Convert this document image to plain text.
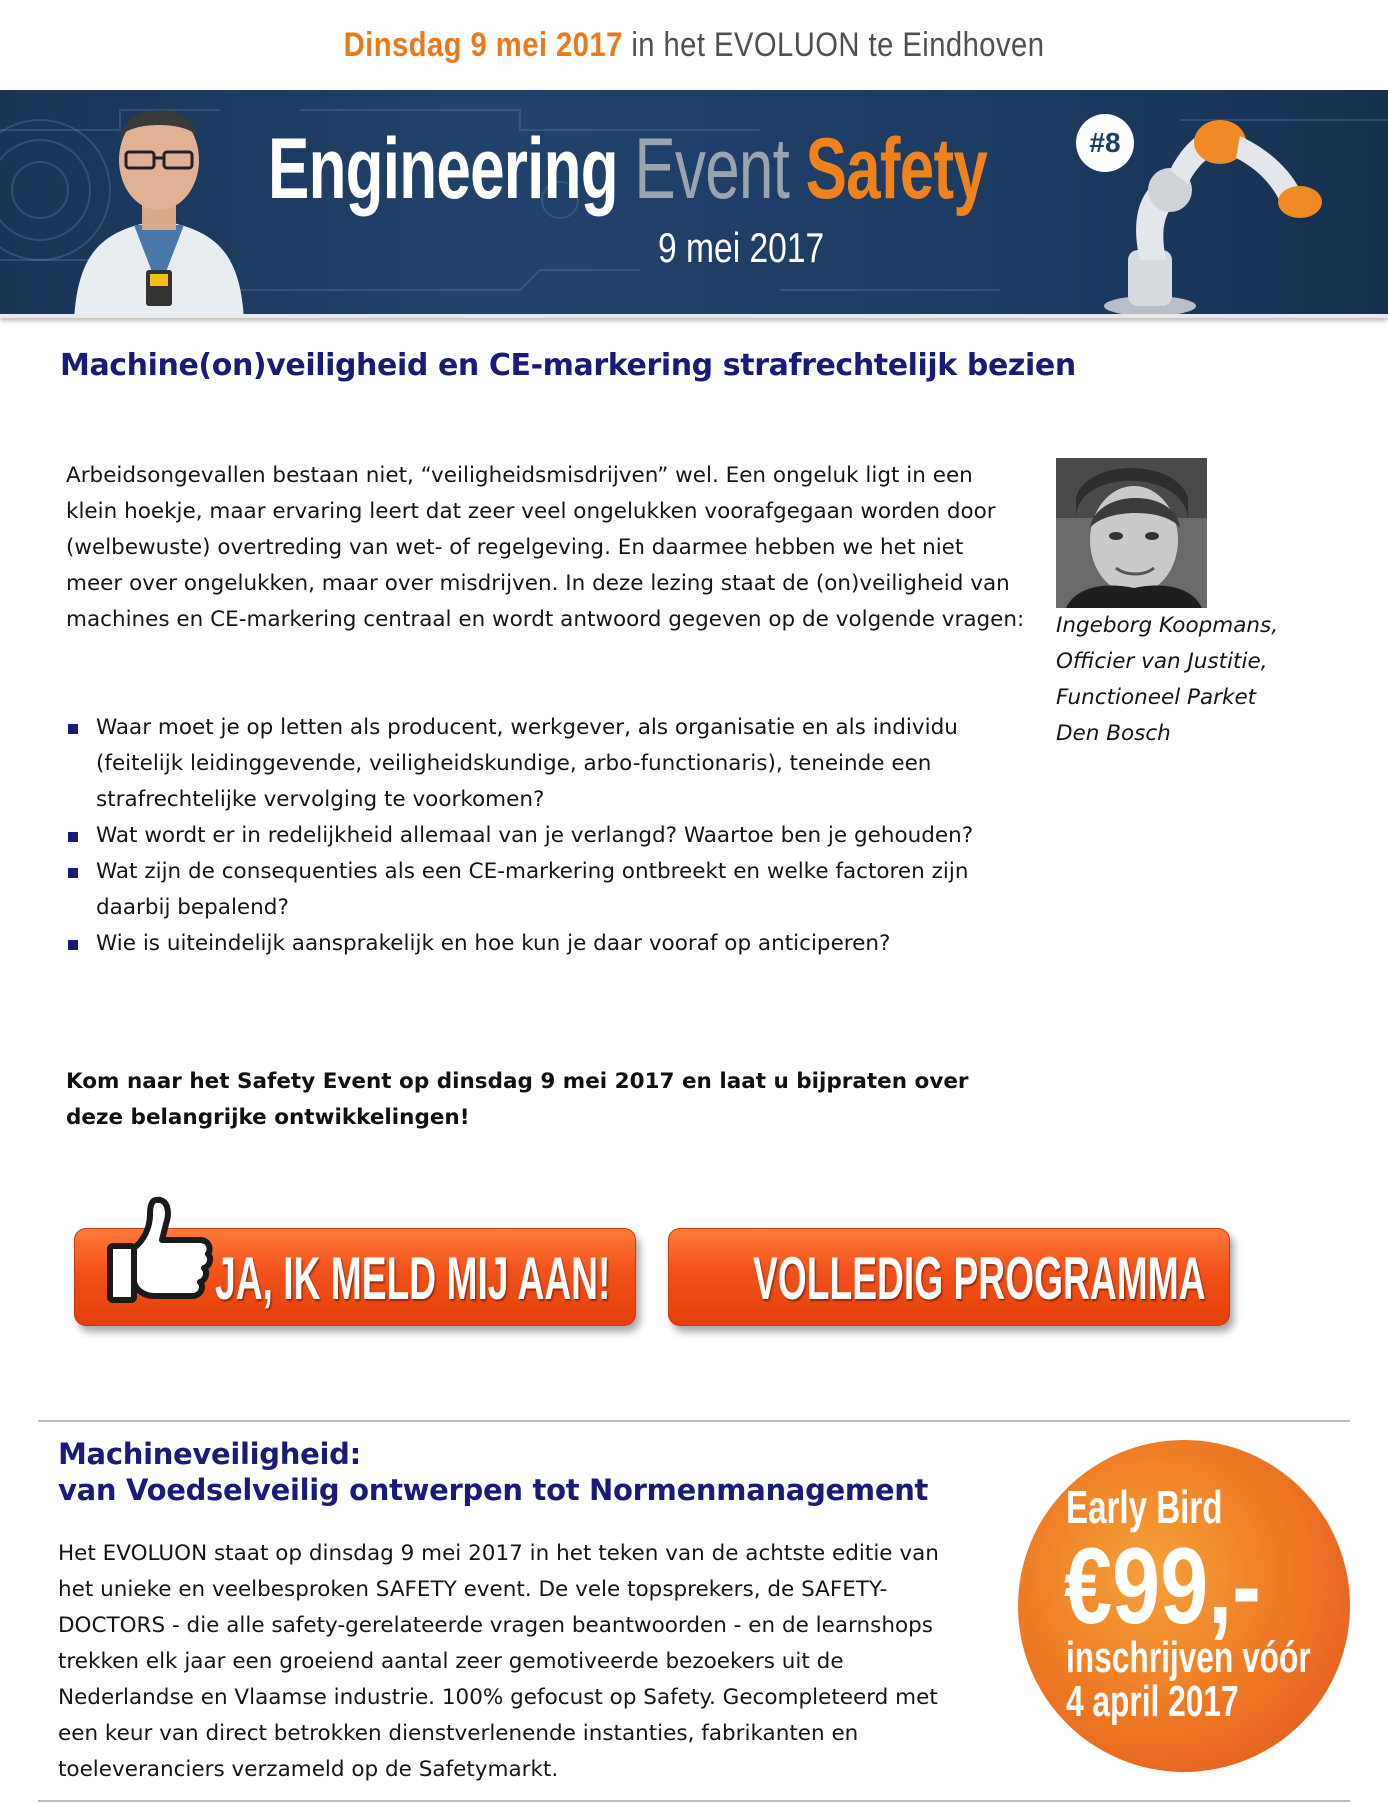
Dinsdag 9 mei 2017 in het EVOLUON te Eindhoven
Engineering Event Safety	#8
9 mei 2017
Machine(on)veiligheid en CE-markering strafrechtelijk bezien

Arbeidsongevallen bestaan niet, “veiligheidsmisdrijven” wel. Een ongeluk ligt in een klein hoekje, maar ervaring leert dat zeer veel ongelukken voorafgegaan worden door (welbewuste) overtreding van wet- of regelgeving. En daarmee hebben we het niet meer over ongelukken, maar over misdrijven. In deze lezing staat de (on)veiligheid van machines en CE-markering centraal en wordt antwoord gegeven op de volgende vragen:

Waar moet je op letten als producent, werkgever, als organisatie en als individu (feitelijk leidinggevende, veiligheidskundige, arbo-functionaris), teneinde een strafrechtelijke vervolging te voorkomen?
Wat wordt er in redelijkheid allemaal van je verlangd? Waartoe ben je gehouden?
Wat zijn de consequenties als een CE-markering ontbreekt en welke factoren zijn daarbij bepalend?
Wie is uiteindelijk aansprakelijk en hoe kun je daar vooraf op anticiperen?

Ingeborg Koopmans, Officier van Justitie, Functioneel Parket Den Bosch

Kom naar het Safety Event op dinsdag 9 mei 2017 en laat u bijpraten over deze belangrijke ontwikkelingen!

JA, IK MELD MIJ AAN! VOLLEDIG PROGRAMMA
Machineveiligheid:
van Voedselveilig ontwerpen tot Normenmanagement

Het EVOLUON staat op dinsdag 9 mei 2017 in het teken van de achtste editie van het unieke en veelbesproken SAFETY event. De vele topsprekers, de SAFETY-DOCTORS - die alle safety-gerelateerde vragen beantwoorden - en de learnshops trekken elk jaar een groeiend aantal zeer gemotiveerde bezoekers uit de Nederlandse en Vlaamse industrie. 100% gefocust op Safety. Gecompleteerd met een keur van direct betrokken dienstverlenende instanties, fabrikanten en toeleveranciers verzameld op de Safetymarkt.

Early Bird
€99,-
inschrijven vóór
4 april 2017
